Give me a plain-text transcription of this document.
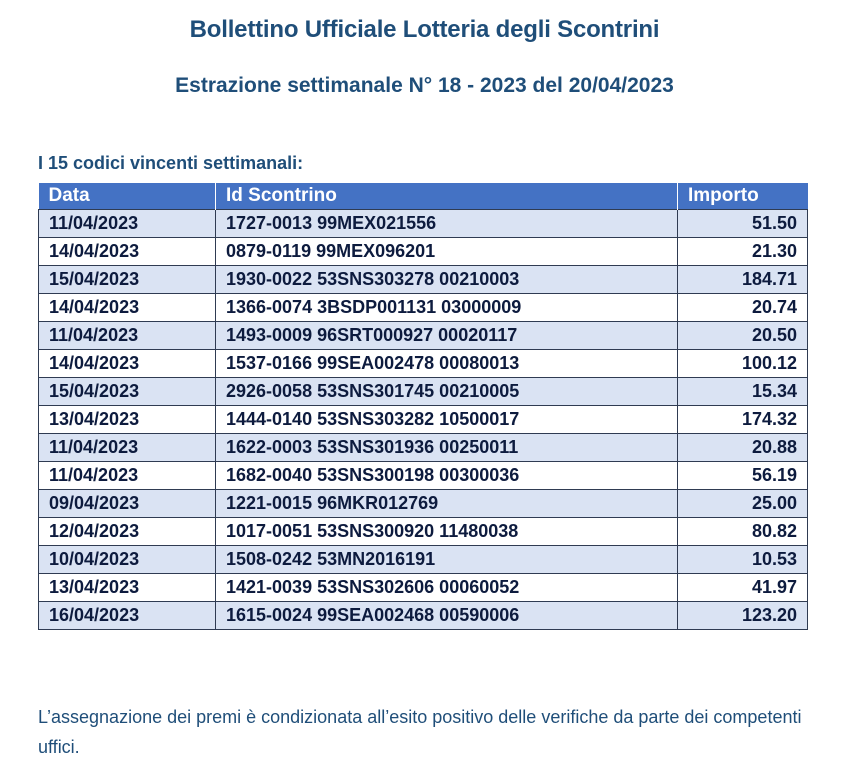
Bollettino Ufficiale Lotteria degli Scontrini
Estrazione settimanale N° 18 - 2023 del 20/04/2023
I 15 codici vincenti settimanali:
Data	Id Scontrino	Importo
11/04/2023	1727-0013 99MEX021556	51.50
14/04/2023	0879-0119 99MEX096201	21.30
15/04/2023	1930-0022 53SNS303278 00210003	184.71
14/04/2023	1366-0074 3BSDP001131 03000009	20.74
11/04/2023	1493-0009 96SRT000927 00020117	20.50
14/04/2023	1537-0166 99SEA002478 00080013	100.12
15/04/2023	2926-0058 53SNS301745 00210005	15.34
13/04/2023	1444-0140 53SNS303282 10500017	174.32
11/04/2023	1622-0003 53SNS301936 00250011	20.88
11/04/2023	1682-0040 53SNS300198 00300036	56.19
09/04/2023	1221-0015 96MKR012769	25.00
12/04/2023	1017-0051 53SNS300920 11480038	80.82
10/04/2023	1508-0242 53MN2016191	10.53
13/04/2023	1421-0039 53SNS302606 00060052	41.97
16/04/2023	1615-0024 99SEA002468 00590006	123.20
L’assegnazione dei premi è condizionata all’esito positivo delle verifiche da parte dei competenti uffici.
